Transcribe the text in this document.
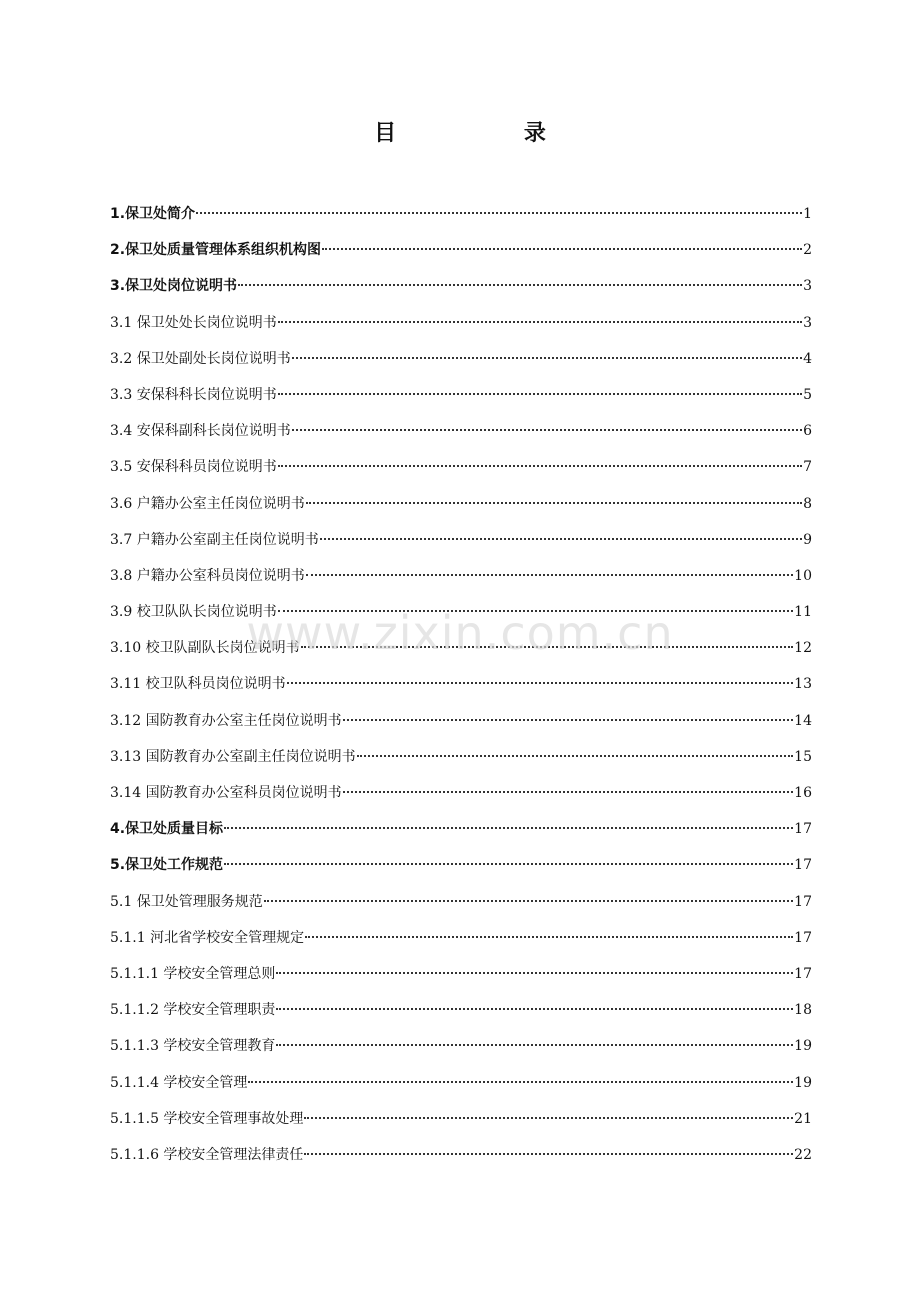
目 录
1.保卫处简介	1
2.保卫处质量管理体系组织机构图	2
3.保卫处岗位说明书	3
3.1 保卫处处长岗位说明书	3
3.2 保卫处副处长岗位说明书	4
3.3 安保科科长岗位说明书	5
3.4 安保科副科长岗位说明书	6
3.5 安保科科员岗位说明书	7
3.6 户籍办公室主任岗位说明书	8
3.7 户籍办公室副主任岗位说明书	9
3.8 户籍办公室科员岗位说明书	10
3.9 校卫队队长岗位说明书	11
3.10 校卫队副队长岗位说明书	12
3.11 校卫队科员岗位说明书	13
3.12 国防教育办公室主任岗位说明书	14
3.13 国防教育办公室副主任岗位说明书	15
3.14 国防教育办公室科员岗位说明书	16
4.保卫处质量目标	17
5.保卫处工作规范	17
5.1 保卫处管理服务规范	17
5.1.1 河北省学校安全管理规定	17
5.1.1.1 学校安全管理总则	17
5.1.1.2 学校安全管理职责	18
5.1.1.3 学校安全管理教育	19
5.1.1.4 学校安全管理	19
5.1.1.5 学校安全管理事故处理	21
5.1.1.6 学校安全管理法律责任	22
www.zixin.com.cn
